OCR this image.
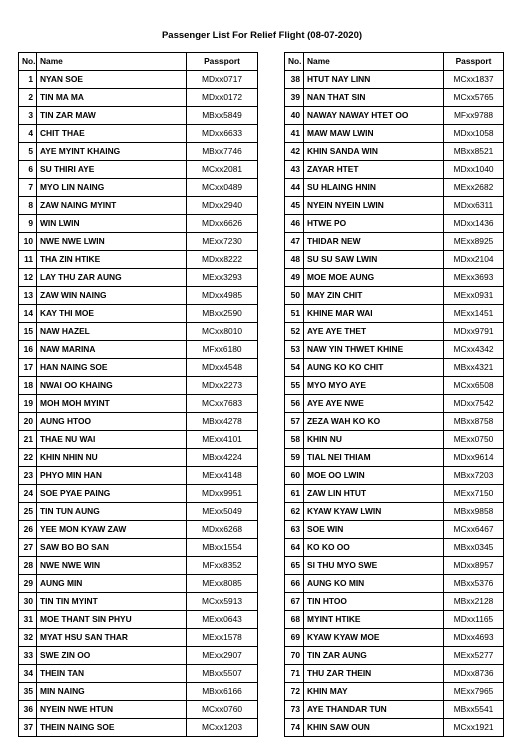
Passenger List For Relief Flight (08-07-2020)
No.	Name	Passport
1	NYAN SOE	MDxx0717
2	TIN MA MA	MDxx0172
3	TIN ZAR MAW	MBxx5849
4	CHIT THAE	MDxx6633
5	AYE MYINT KHAING	MBxx7746
6	SU THIRI AYE	MCxx2081
7	MYO LIN NAING	MCxx0489
8	ZAW NAING MYINT	MDxx2940
9	WIN LWIN	MDxx6626
10	NWE NWE LWIN	MExx7230
11	THA ZIN HTIKE	MDxx8222
12	LAY THU ZAR AUNG	MExx3293
13	ZAW WIN NAING	MDxx4985
14	KAY THI MOE	MBxx2590
15	NAW HAZEL	MCxx8010
16	NAW MARINA	MFxx6180
17	HAN NAING SOE	MDxx4548
18	NWAI OO KHAING	MDxx2273
19	MOH MOH MYINT	MCxx7683
20	AUNG HTOO	MBxx4278
21	THAE NU WAI	MExx4101
22	KHIN NHIN NU	MBxx4224
23	PHYO MIN HAN	MExx4148
24	SOE PYAE PAING	MDxx9951
25	TIN TUN AUNG	MExx5049
26	YEE MON KYAW ZAW	MDxx6268
27	SAW BO BO SAN	MBxx1554
28	NWE NWE WIN	MFxx8352
29	AUNG MIN	MExx8085
30	TIN TIN MYINT	MCxx5913
31	MOE THANT SIN PHYU	MExx0643
32	MYAT HSU SAN THAR	MExx1578
33	SWE ZIN OO	MExx2907
34	THEIN TAN	MBxx5507
35	MIN NAING	MBxx6166
36	NYEIN NWE HTUN	MCxx0760
37	THEIN NAING SOE	MCxx1203
No.	Name	Passport
38	HTUT NAY LINN	MCxx1837
39	NAN THAT SIN	MCxx5765
40	NAWAY NAWAY HTET OO	MFxx9788
41	MAW MAW LWIN	MDxx1058
42	KHIN SANDA WIN	MBxx8521
43	ZAYAR HTET	MDxx1040
44	SU HLAING HNIN	MExx2682
45	NYEIN NYEIN LWIN	MDxx6311
46	HTWE PO	MDxx1436
47	THIDAR NEW	MExx8925
48	SU SU SAW LWIN	MDxx2104
49	MOE MOE AUNG	MExx3693
50	MAY ZIN CHIT	MExx0931
51	KHINE MAR WAI	MExx1451
52	AYE AYE THET	MDxx9791
53	NAW YIN THWET KHINE	MCxx4342
54	AUNG KO KO CHIT	MBxx4321
55	MYO MYO AYE	MCxx6508
56	AYE AYE NWE	MDxx7542
57	ZEZA WAH KO KO	MBxx8758
58	KHIN NU	MExx0750
59	TIAL NEI THIAM	MDxx9614
60	MOE OO LWIN	MBxx7203
61	ZAW LIN HTUT	MExx7150
62	KYAW KYAW LWIN	MBxx9858
63	SOE WIN	MCxx6467
64	KO KO OO	MBxx0345
65	SI THU MYO SWE	MDxx8957
66	AUNG KO MIN	MBxx5376
67	TIN HTOO	MBxx2128
68	MYINT HTIKE	MDxx1165
69	KYAW KYAW MOE	MDxx4693
70	TIN ZAR AUNG	MExx5277
71	THU ZAR THEIN	MDxx8736
72	KHIN MAY	MExx7965
73	AYE THANDAR TUN	MBxx5541
74	KHIN SAW OUN	MCxx1921
